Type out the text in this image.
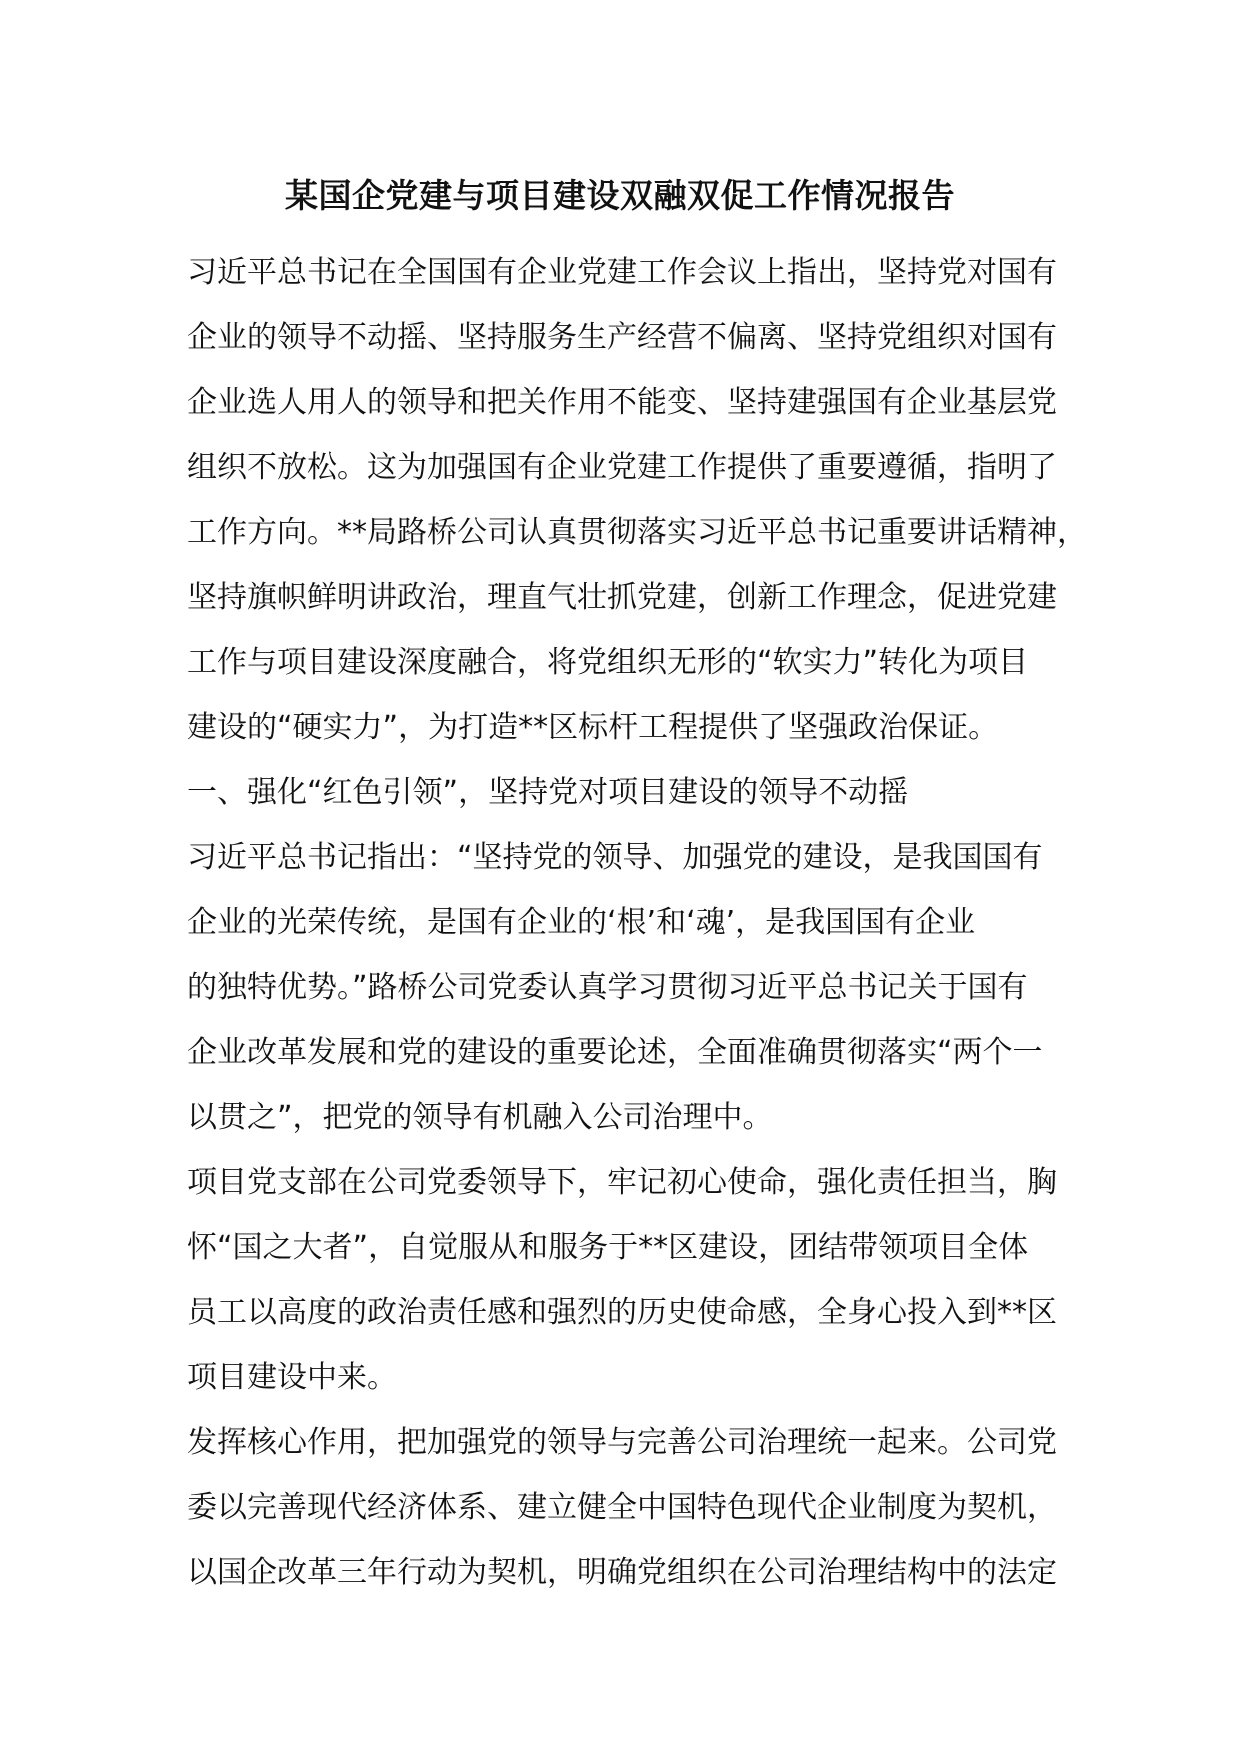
某国企党建与项目建设双融双促工作情况报告
习近平总书记在全国国有企业党建工作会议上指出，坚持党对国有
企业的领导不动摇、坚持服务生产经营不偏离、坚持党组织对国有
企业选人用人的领导和把关作用不能变、坚持建强国有企业基层党
组织不放松。这为加强国有企业党建工作提供了重要遵循，指明了
工作方向。**局路桥公司认真贯彻落实习近平总书记重要讲话精神，
坚持旗帜鲜明讲政治，理直气壮抓党建，创新工作理念，促进党建
工作与项目建设深度融合，将党组织无形的“软实力”转化为项目
建设的“硬实力”，为打造**区标杆工程提供了坚强政治保证。
一、强化“红色引领”，坚持党对项目建设的领导不动摇
习近平总书记指出：“坚持党的领导、加强党的建设，是我国国有
企业的光荣传统，是国有企业的‘根’和‘魂’，是我国国有企业
的独特优势。”路桥公司党委认真学习贯彻习近平总书记关于国有
企业改革发展和党的建设的重要论述，全面准确贯彻落实“两个一
以贯之”，把党的领导有机融入公司治理中。
项目党支部在公司党委领导下，牢记初心使命，强化责任担当，胸
怀“国之大者”，自觉服从和服务于**区建设，团结带领项目全体
员工以高度的政治责任感和强烈的历史使命感，全身心投入到**区
项目建设中来。
发挥核心作用，把加强党的领导与完善公司治理统一起来。公司党
委以完善现代经济体系、建立健全中国特色现代企业制度为契机，
以国企改革三年行动为契机，明确党组织在公司治理结构中的法定
